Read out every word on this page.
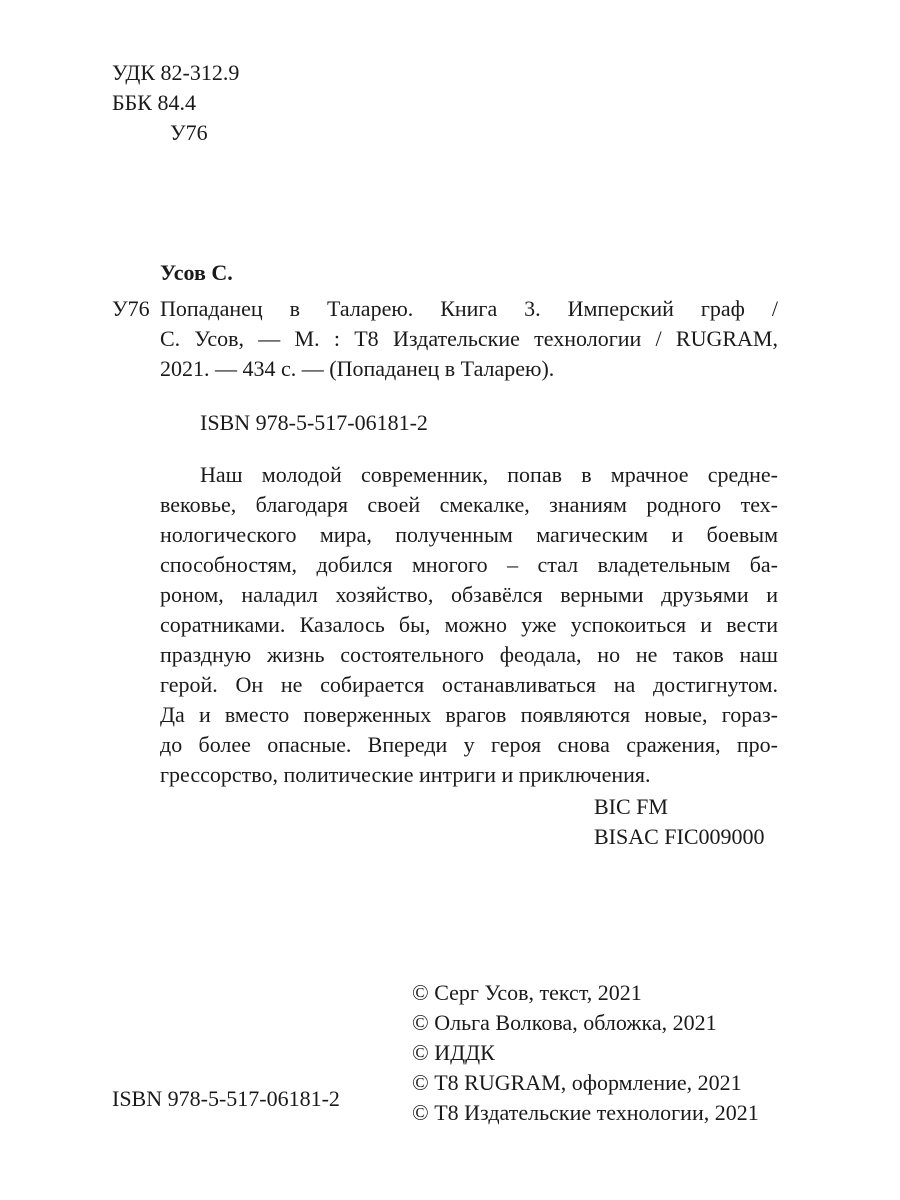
УДК 82-312.9
ББК 84.4
У76
Усов С.
У76 Попаданец в Таларею. Книга 3. Имперский граф /
С. Усов, — М. : Т8 Издательские технологии / RUGRAM,
2021. — 434 с. — (Попаданец в Таларею).
ISBN 978-5-517-06181-2
Наш молодой современник, попав в мрачное средне-
вековье, благодаря своей смекалке, знаниям родного тех-
нологического мира, полученным магическим и боевым
способностям, добился многого – стал владетельным ба-
роном, наладил хозяйство, обзавёлся верными друзьями и
соратниками. Казалось бы, можно уже успокоиться и вести
праздную жизнь состоятельного феодала, но не таков наш
герой. Он не собирается останавливаться на достигнутом.
Да и вместо поверженных врагов появляются новые, гораз-
до более опасные. Впереди у героя снова сражения, про-
грессорство, политические интриги и приключения.
BIC FM
BISAC FIC009000
© Серг Усов, текст, 2021
© Ольга Волкова, обложка, 2021
© ИДДК
© Т8 RUGRAM, оформление, 2021
© Т8 Издательские технологии, 2021
ISBN 978-5-517-06181-2
